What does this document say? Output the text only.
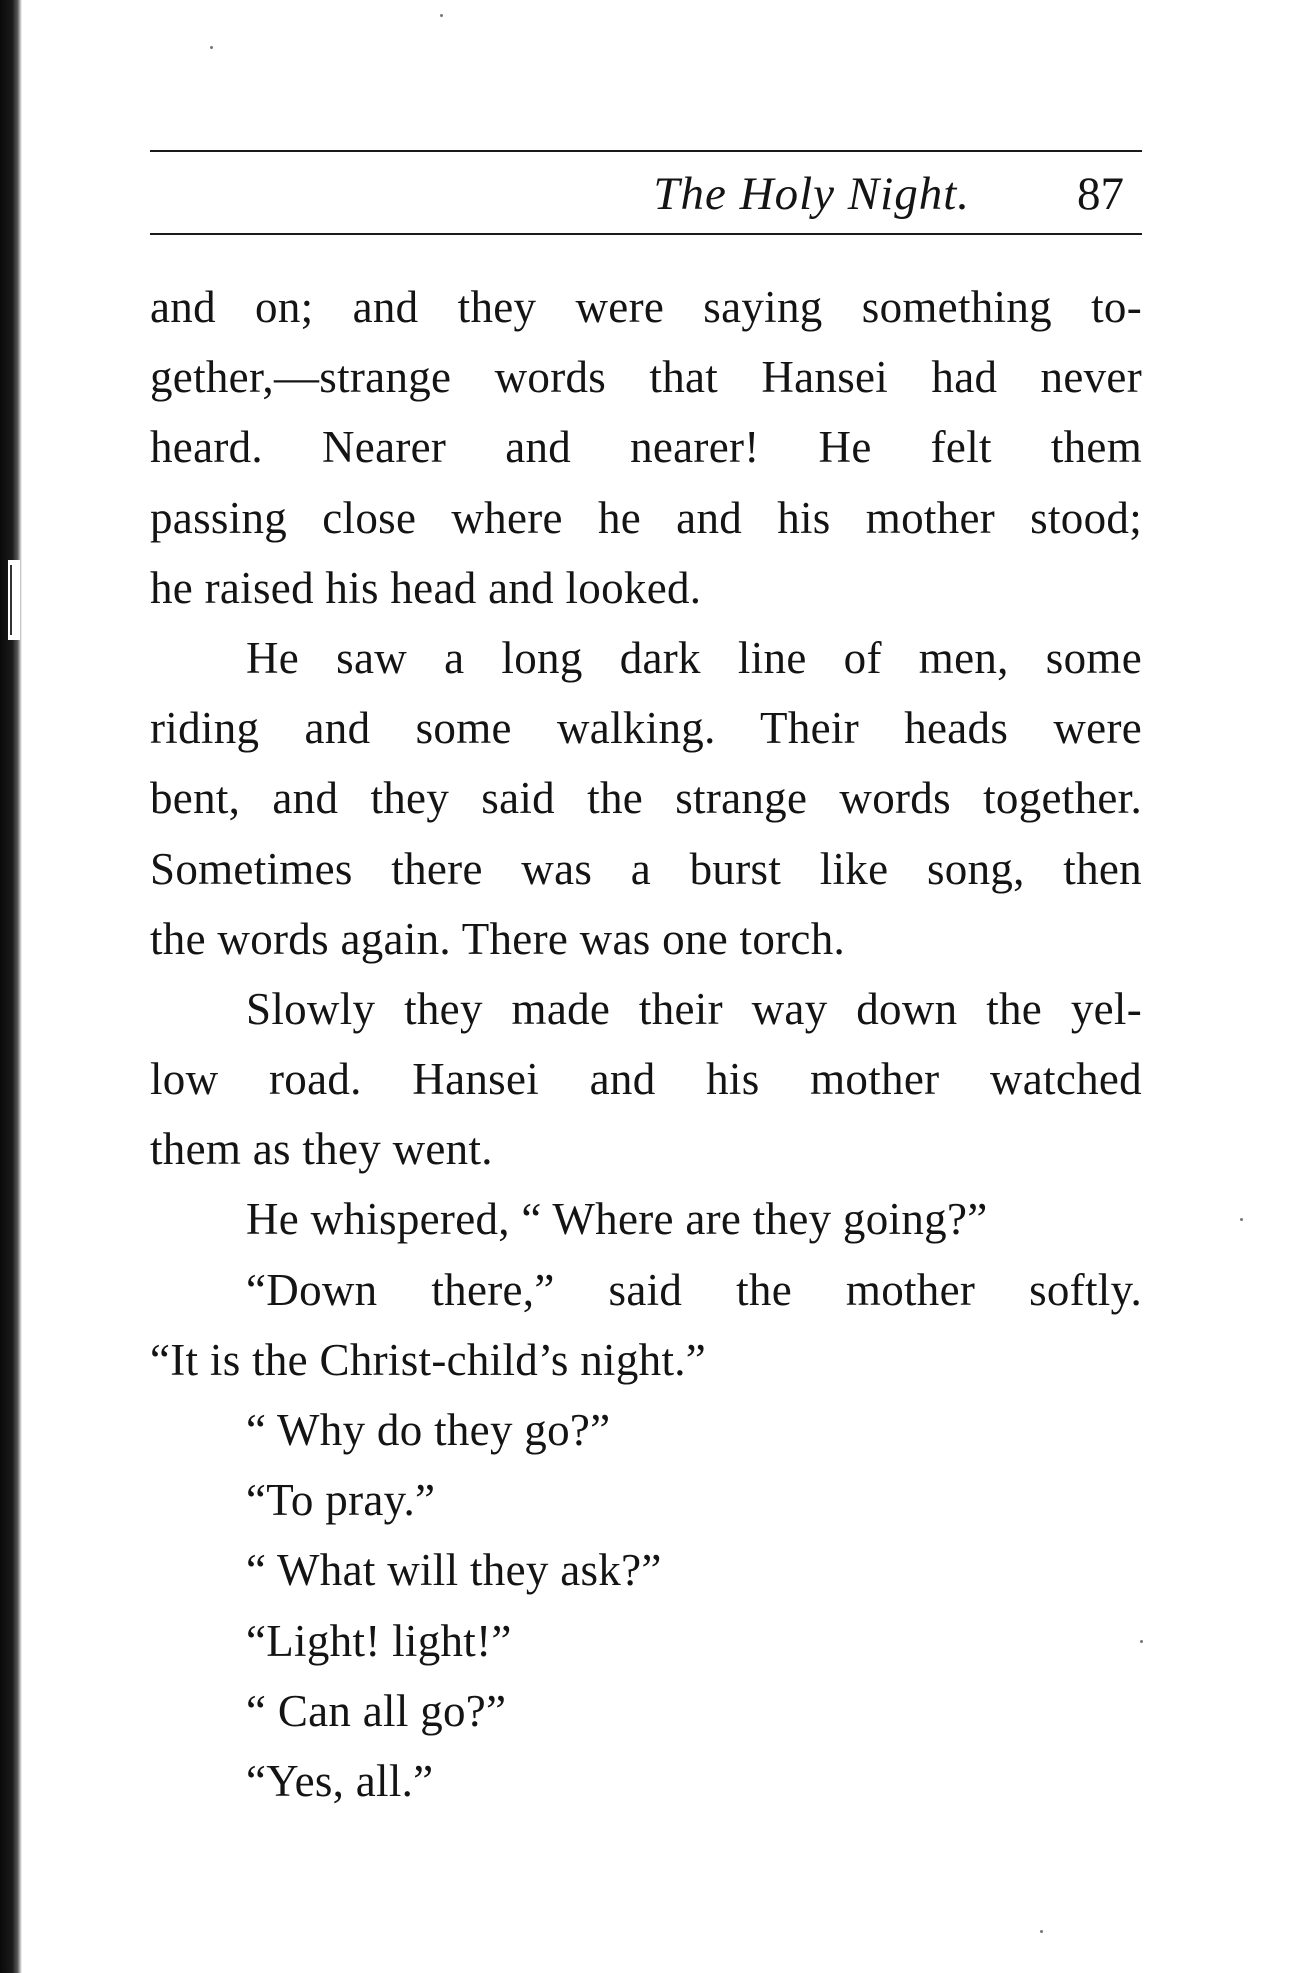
The Holy Night. 87
and on; and they were saying something to-
gether,—strange words that Hansei had never
heard. Nearer and nearer! He felt them
passing close where he and his mother stood;
he raised his head and looked.
He saw a long dark line of men, some
riding and some walking. Their heads were
bent, and they said the strange words together.
Sometimes there was a burst like song, then
the words again. There was one torch.
Slowly they made their way down the yel-
low road. Hansei and his mother watched
them as they went.
He whispered, “ Where are they going?”
“Down there,” said the mother softly.
“It is the Christ-child’s night.”
“ Why do they go?”
“To pray.”
“ What will they ask?”
“Light! light!”
“ Can all go?”
“Yes, all.”
